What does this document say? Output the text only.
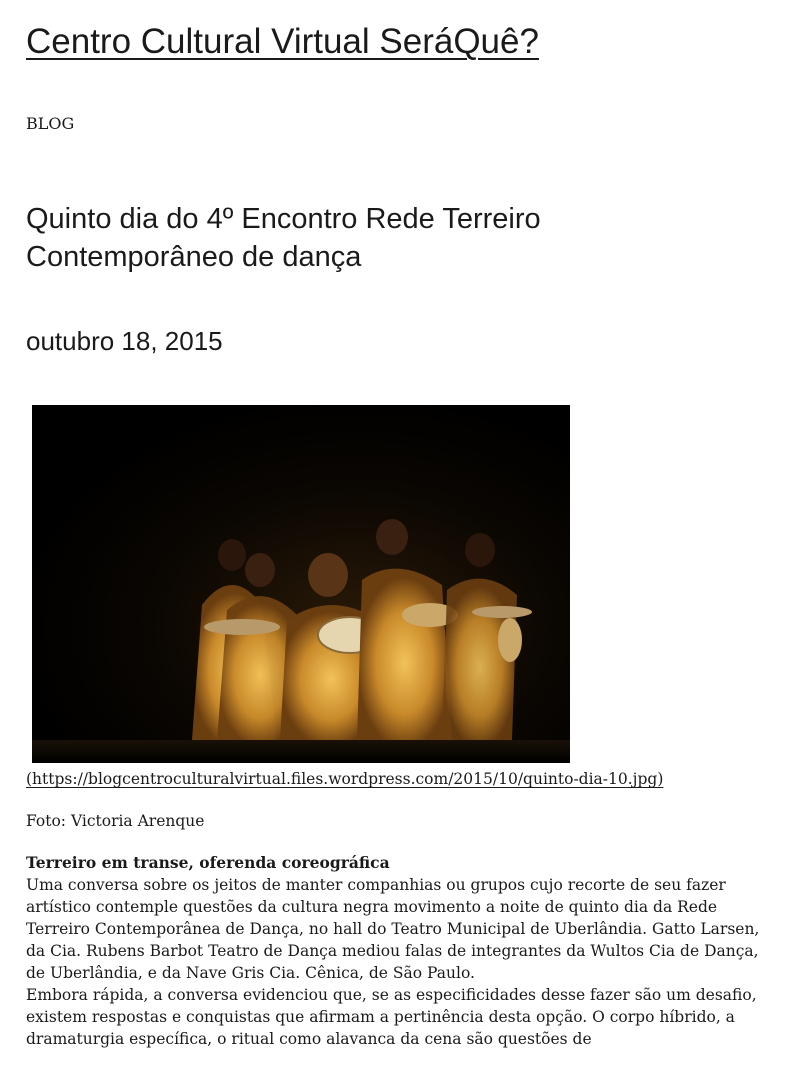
Centro Cultural Virtual SeráQuê?
BLOG
Quinto dia do 4º Encontro Rede Terreiro Contemporâneo de dança
outubro 18, 2015
(https://blogcentroculturalvirtual.files.wordpress.com/2015/10/quinto-dia-10.jpg)
Foto: Victoria Arenque
Terreiro em transe, oferenda coreográfica

Uma conversa sobre os jeitos de manter companhias ou grupos cujo recorte de seu fazer artístico contemple questões da cultura negra movimento a noite de quinto dia da Rede Terreiro Contemporânea de Dança, no hall do Teatro Municipal de Uberlândia. Gatto Larsen, da Cia. Rubens Barbot Teatro de Dança mediou falas de integrantes da Wultos Cia de Dança, de Uberlândia, e da Nave Gris Cia. Cênica, de São Paulo.

Embora rápida, a conversa evidenciou que, se as especificidades desse fazer são um desafio, existem respostas e conquistas que afirmam a pertinência desta opção. O corpo híbrido, a dramaturgia específica, o ritual como alavanca da cena são questões de
